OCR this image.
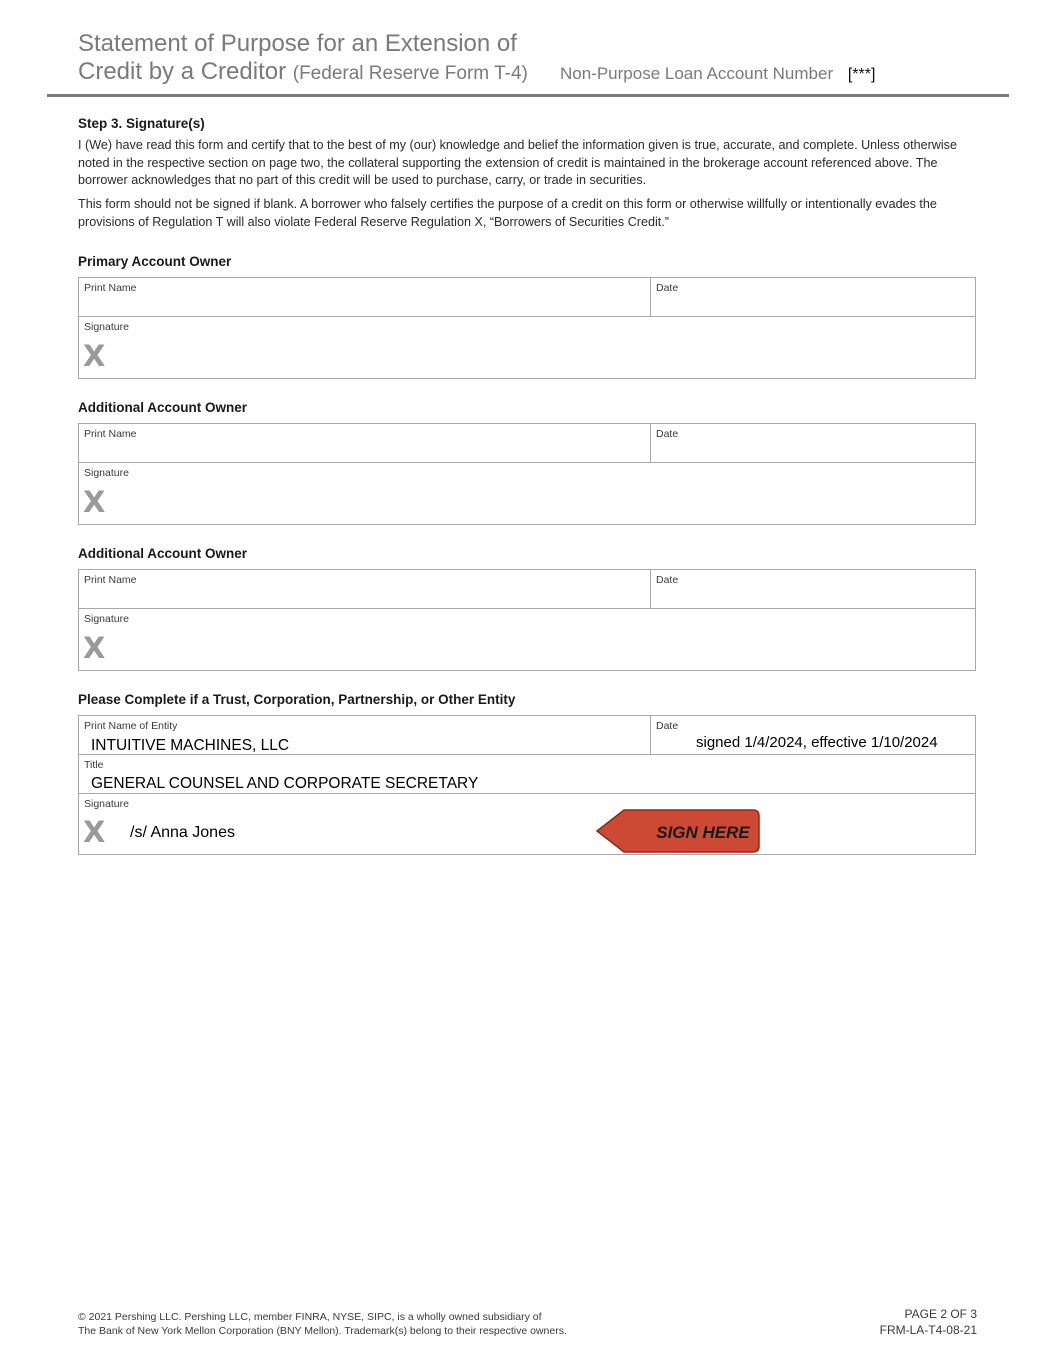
Statement of Purpose for an Extension of
Credit by a Creditor (Federal Reserve Form T-4) Non-Purpose Loan Account Number [***]
Step 3. Signature(s)
I (We) have read this form and certify that to the best of my (our) knowledge and belief the information given is true, accurate, and complete. Unless otherwise noted in the respective section on page two, the collateral supporting the extension of credit is maintained in the brokerage account referenced above. The borrower acknowledges that no part of this credit will be used to purchase, carry, or trade in securities.
This form should not be signed if blank. A borrower who falsely certifies the purpose of a credit on this form or otherwise willfully or intentionally evades the provisions of Regulation T will also violate Federal Reserve Regulation X, “Borrowers of Securities Credit.”
Primary Account Owner
Print Name	Date
Signature
X
Additional Account Owner
Print Name	Date
Signature
X
Additional Account Owner
Print Name	Date
Signature
X
Please Complete if a Trust, Corporation, Partnership, or Other Entity
Print Name of Entity
INTUITIVE MACHINES, LLC
Date
signed 1/4/2024, effective 1/10/2024
Title
GENERAL COUNSEL AND CORPORATE SECRETARY
Signature
X /s/ Anna Jones	SIGN HERE
© 2021 Pershing LLC. Pershing LLC, member FINRA, NYSE, SIPC, is a wholly owned subsidiary of
The Bank of New York Mellon Corporation (BNY Mellon). Trademark(s) belong to their respective owners.
PAGE 2 OF 3
FRM-LA-T4-08-21
